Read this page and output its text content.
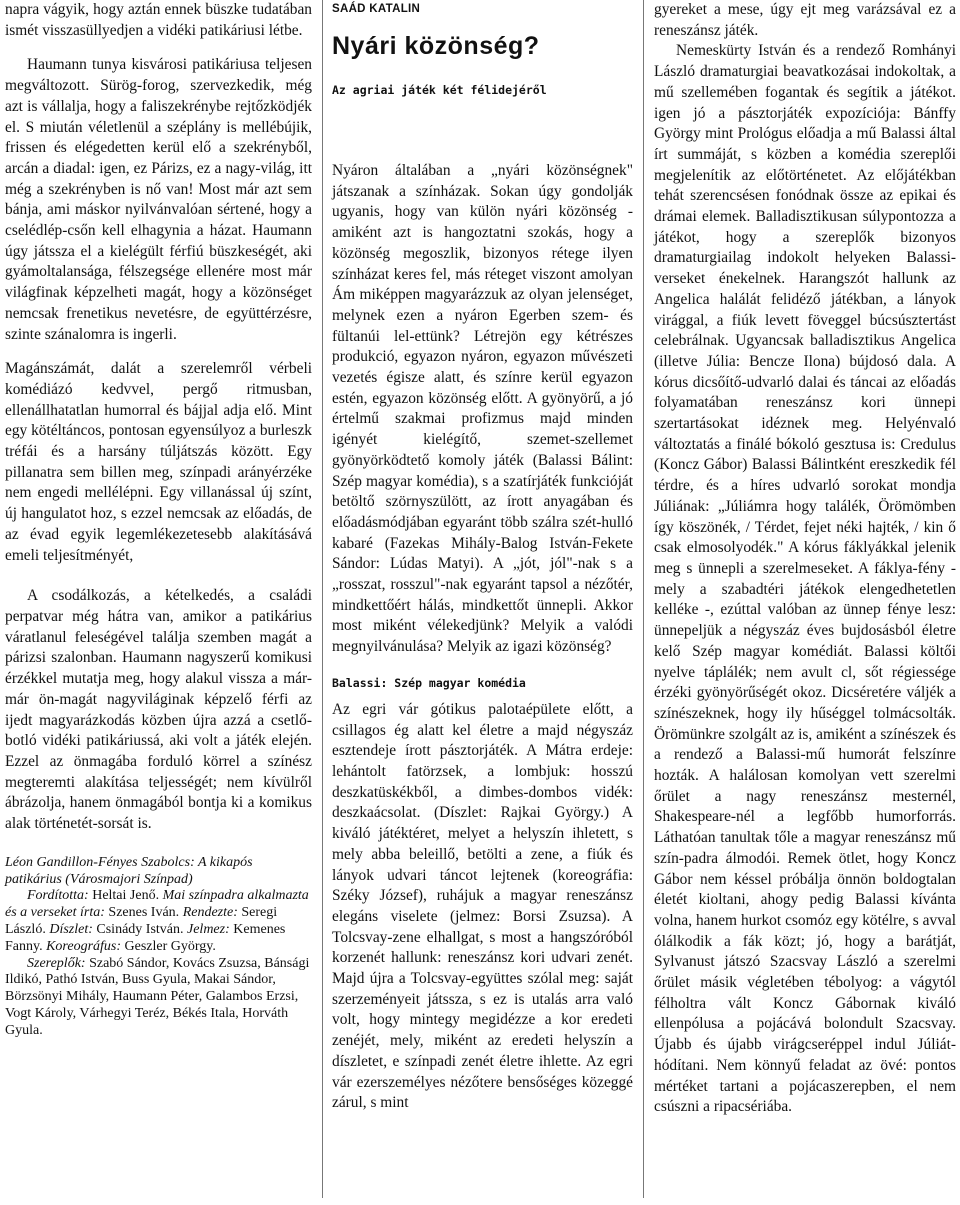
napra vágyik, hogy aztán ennek büszke tudatában ismét visszasüllyedjen a vidéki patikáriusi létbe.

Haumann tunya kisvárosi patikáriusa teljesen megváltozott. Sürög-forog, szervezkedik, még azt is vállalja, hogy a faliszekrénybe rejtőzködjék el. S miután véletlenül a széplány is mellébújik, frissen és elégedetten kerül elő a szekrényből, arcán a diadal: igen, ez Párizs, ez a nagy-világ, itt még a szekrényben is nő van! Most már azt sem bánja, ami máskor nyilvánvalóan sértené, hogy a cselédlép-csőn kell elhagynia a házat. Haumann úgy játssza el a kielégült férfiú büszkeségét, aki gyámoltalansága, félszegsége ellenére most már világfinak képzelheti magát, hogy a közönséget nemcsak frenetikus nevetésre, de együttérzésre, szinte szánalomra is ingerli.

Magánszámát, dalát a szerelemről vérbeli komédiázó kedvvel, pergő ritmusban, ellenállhatatlan humorral és bájjal adja elő. Mint egy kötéltáncos, pontosan egyensúlyoz a burleszk tréfái és a harsány túljátszás között. Egy pillanatra sem billen meg, színpadi arányérzéke nem engedi mellélépni. Egy villanással új színt, új hangulatot hoz, s ezzel nemcsak az előadás, de az évad egyik legemlékezetesebb alakításává emeli teljesítményét,

A csodálkozás, a kételkedés, a családi perpatvar még hátra van, amikor a patikárius váratlanul feleségével találja szemben magát a párizsi szalonban. Haumann nagyszerű komikusi érzékkel mutatja meg, hogy alakul vissza a már-már ön-magát nagyviláginak képzelő férfi az ijedt magyarázkodás közben újra azzá a csetlő-botló vidéki patikáriussá, aki volt a játék elején. Ezzel az önmagába forduló körrel a színész megteremti alakítása teljességét; nem kívülről ábrázolja, hanem önmagából bontja ki a komikus alak történetét-sorsát is.

Léon Gandillon-Fényes Szabolcs: A kikapós patikárius (Városmajori Színpad)
Fordította: Heltai Jenő. Mai színpadra alkalmazta és a verseket írta: Szenes Iván. Rendezte: Seregi László. Díszlet: Csinády István. Jelmez: Kemenes Fanny. Koreográfus: Geszler György.
Szereplők: Szabó Sándor, Kovács Zsuzsa, Bánsági Ildikó, Pathó István, Buss Gyula, Makai Sándor, Börzsönyi Mihály, Haumann Péter, Galambos Erzsi, Vogt Károly, Várhegyi Teréz, Békés Itala, Horváth Gyula.
SAÁD KATALIN
Nyári közönség?
Az agriai játék két félidejéről

Nyáron általában a „nyári közönségnek" játszanak a színházak. Sokan úgy gondolják ugyanis, hogy van külön nyári közönség - amiként azt is hangoztatni szokás, hogy a közönség megoszlik, bizonyos rétege ilyen színházat keres fel, más réteget viszont amolyan Ám miképpen magyarázzuk az olyan jelenséget, melynek ezen a nyáron Egerben szem- és fültanúi lel-ettünk? Létrejön egy kétrészes produkció, egyazon nyáron, egyazon művészeti vezetés égisze alatt, és színre kerül egyazon estén, egyazon közönség előtt. A gyönyörű, a jó értelmű szakmai profizmus majd minden igényét kielégítő, szemet-szellemet gyönyörködtető komoly játék (Balassi Bálint: Szép magyar komédia), s a szatírjáték funkcióját betöltő szörnyszülött, az írott anyagában és előadásmódjában egyaránt több szálra szét-hulló kabaré (Fazekas Mihály-Balog István-Fekete Sándor: Lúdas Matyi). A „jót, jól"-nak s a „rosszat, rosszul"-nak egyaránt tapsol a nézőtér, mindkettőért hálás, mindkettőt ünnepli. Akkor most miként vélekedjünk? Melyik a valódi megnyilvánulása? Melyik az igazi közönség?

Balassi: Szép magyar komédia

Az egri vár gótikus palotaépülete előtt, a csillagos ég alatt kel életre a majd négyszáz esztendeje írott pásztorjáték. A Mátra erdeje: lehántolt fatörzsek, a lombjuk: hosszú deszkatüskékből, a dimbes-dombos vidék: deszkaácsolat. (Díszlet: Rajkai György.) A kiváló játéktéret, melyet a helyszín ihletett, s mely abba beleillő, betölti a zene, a fiúk és lányok udvari táncot lejtenek (koreográfia: Széky József), ruhájuk a magyar reneszánsz elegáns viselete (jelmez: Borsi Zsuzsa). A Tolcsvay-zene elhallgat, s most a hangszóróból korzenét hallunk: reneszánsz kori udvari zenét. Majd újra a Tolcsvay-együttes szólal meg: saját szerzeményeit játssza, s ez is utalás arra való volt, hogy mintegy megidézze a kor eredeti zenéjét, mely, miként az eredeti helyszín a díszletet, e színpadi zenét életre ihlette. Az egri vár ezerszemélyes nézőtere bensőséges közeggé zárul, s mint

gyereket a mese, úgy ejt meg varázsával ez a reneszánsz játék.

Nemeskürty István és a rendező Romhányi László dramaturgiai beavatkozásai indokoltak, a mű szellemében fogantak és segítik a játékot. igen jó a pásztorjáték expozíciója: Bánffy György mint Prológus előadja a mű Balassi által írt summáját, s közben a komédia szereplői megjelenítik az előtörténetet. Az előjátékban tehát szerencsésen fonódnak össze az epikai és drámai elemek. Balladisztikusan súlypontozza a játékot, hogy a szereplők bizonyos dramaturgiailag indokolt helyeken Balassi-verseket énekelnek. Harangszót hallunk az Angelica halálát felidéző játékban, a lányok virággal, a fiúk levett föveggel búcsúsztertást celebrálnak. Ugyancsak balladisztikus Angelica (illetve Júlia: Bencze Ilona) bújdosó dala. A kórus dicsőítő-udvarló dalai és táncai az előadás folyamatában reneszánsz kori ünnepi szertartásokat idéznek meg. Helyénvaló változtatás a finálé bókoló gesztusa is: Credulus (Koncz Gábor) Balassi Bálintként ereszkedik fél térdre, és a híres udvarló sorokat mondja Júliának: „Júliámra hogy találék, Örömömben így köszönék, / Térdet, fejet néki hajték, / kin ő csak elmosolyodék." A kórus fáklyákkal jelenik meg s ünnepli a szerelmeseket. A fáklya-fény - mely a szabadtéri játékok elengedhetetlen kelléke -, ezúttal valóban az ünnep fénye lesz: ünnepeljük a négyszáz éves bujdosásból életre kelő Szép magyar komédiát. Balassi költői nyelve táplálék; nem avult cl, sőt régiessége érzéki gyönyörűségét okoz. Dicséretére váljék a színészeknek, hogy ily hűséggel tolmácsolták. Örömünkre szolgált az is, amiként a színészek és a rendező a Balassi-mű humorát felszínre hozták. A halálosan komolyan vett szerelmi őrület a nagy reneszánsz mesternél, Shakespeare-nél a legfőbb humorforrás. Láthatóan tanultak tőle a magyar reneszánsz mű szín-padra álmodói. Remek ötlet, hogy Koncz Gábor nem késsel próbálja önnön boldogtalan életét kioltani, ahogy pedig Balassi kívánta volna, hanem hurkot csomóz egy kötélre, s avval ólálkodik a fák közt; jó, hogy a barátját, Sylvanust játszó Szacsvay László a szerelmi őrület másik végletében tébolyog: a vágytól félholtra vált Koncz Gábornak kiváló ellenpólusa a pojácává bolondult Szacsvay. Újabb és újabb virágcseréppel indul Júliát-hódítani. Nem könnyű feladat az övé: pontos mértéket tartani a pojácaszerepben, el nem csúszni a ripacsériába.
